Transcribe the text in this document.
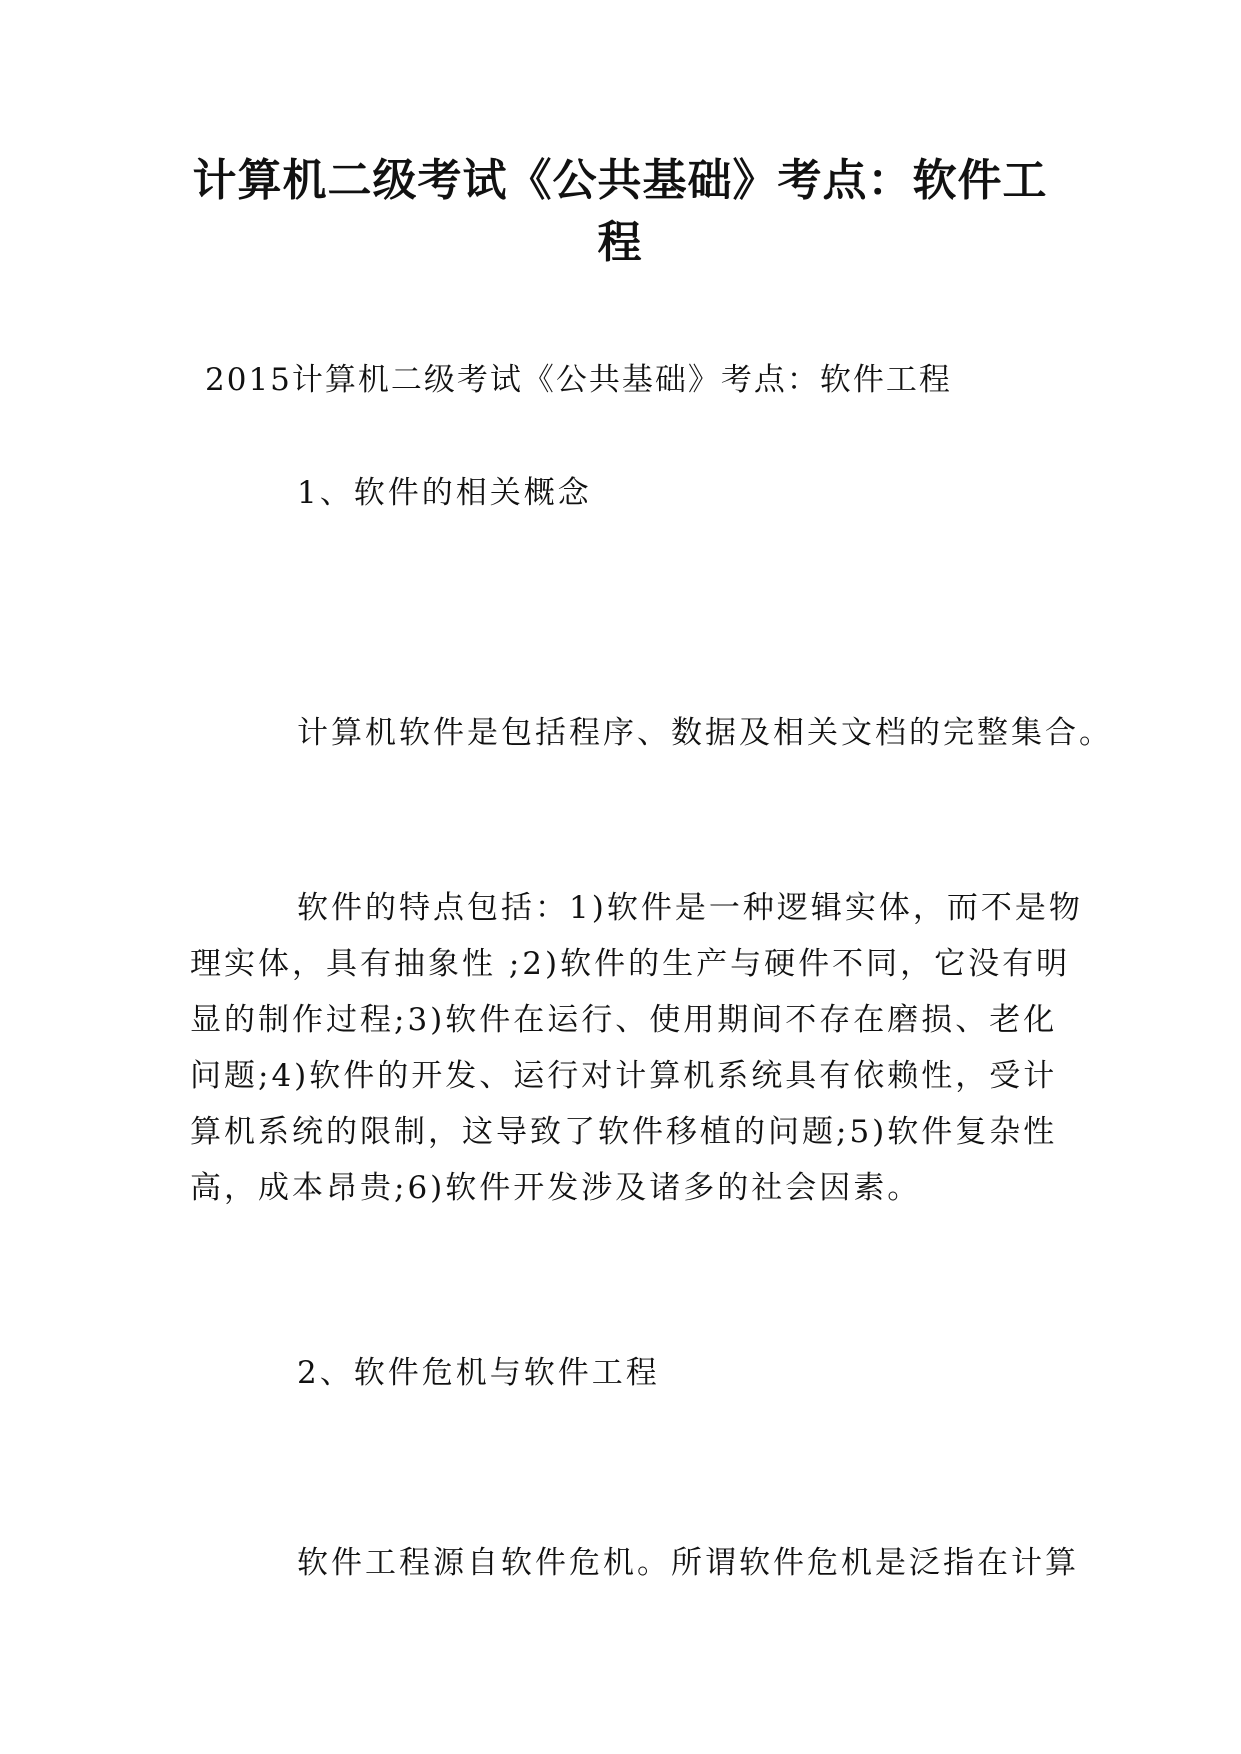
计算机二级考试《公共基础》考点：软件工程

2015计算机二级考试《公共基础》考点：软件工程

1、软件的相关概念

计算机软件是包括程序、数据及相关文档的完整集合。

软件的特点包括：1)软件是一种逻辑实体，而不是物
理实体，具有抽象性 ;2)软件的生产与硬件不同，它没有明
显的制作过程;3)软件在运行、使用期间不存在磨损、老化
问题;4)软件的开发、运行对计算机系统具有依赖性，受计
算机系统的限制，这导致了软件移植的问题;5)软件复杂性
高，成本昂贵;6)软件开发涉及诸多的社会因素。

2、软件危机与软件工程

软件工程源自软件危机。所谓软件危机是泛指在计算
